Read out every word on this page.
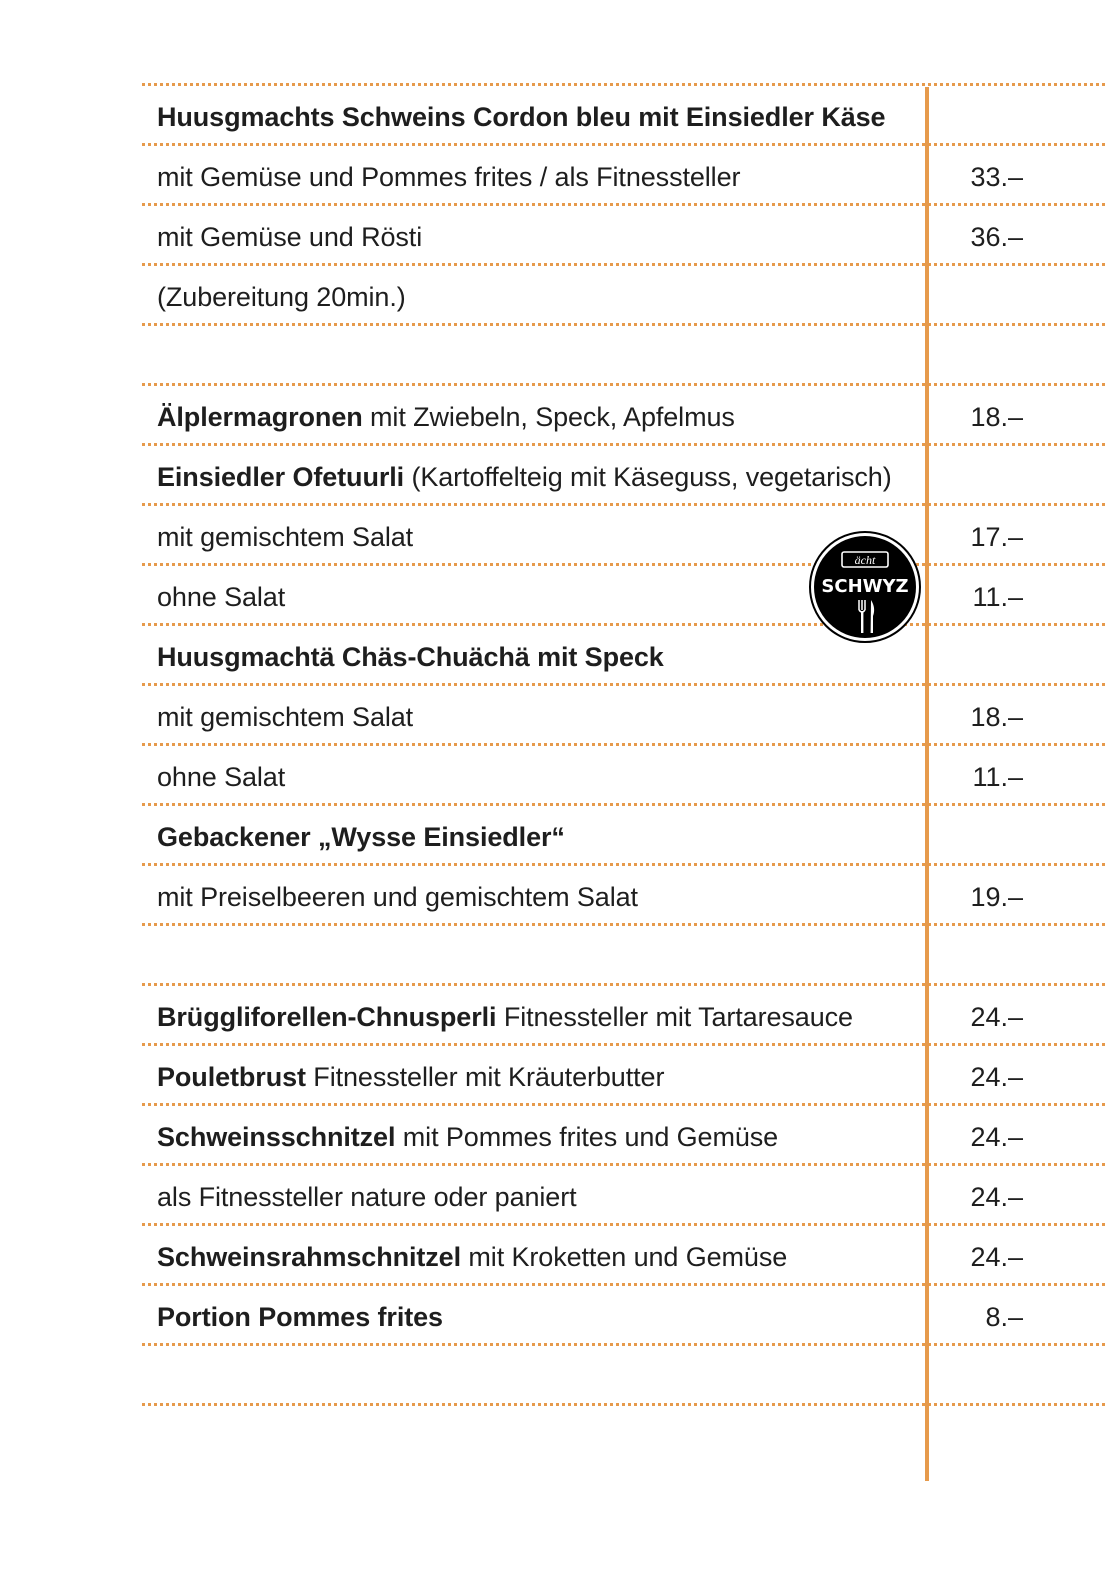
Huusgmachts Schweins Cordon bleu mit Einsiedler Käse
mit Gemüse und Pommes frites / als Fitnessteller	33.–
mit Gemüse und Rösti	36.–
(Zubereitung 20min.)
Älplermagronen mit Zwiebeln, Speck, Apfelmus	18.–
Einsiedler Ofetuurli (Kartoffelteig mit Käseguss, vegetarisch)
mit gemischtem Salat	17.–
ohne Salat	11.–
Huusgmachtä Chäs-Chuächä mit Speck
mit gemischtem Salat	18.–
ohne Salat	11.–
Gebackener „Wysse Einsiedler“
mit Preiselbeeren und gemischtem Salat	19.–
Brüggliforellen-Chnusperli Fitnessteller mit Tartaresauce	24.–
Pouletbrust Fitnessteller mit Kräuterbutter	24.–
Schweinsschnitzel mit Pommes frites und Gemüse	24.–
als Fitnessteller nature oder paniert	24.–
Schweinsrahmschnitzel mit Kroketten und Gemüse	24.–
Portion Pommes frites	8.–
ächt
SCHWYZ
